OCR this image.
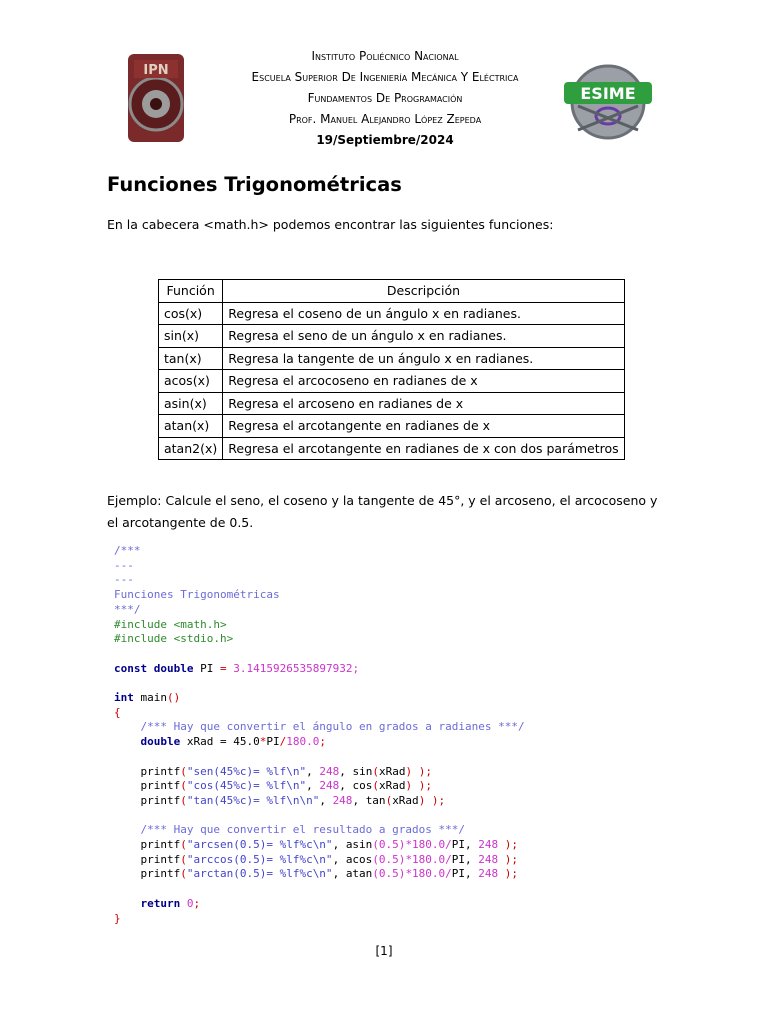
IPN
ESIME
Instituto Poliécnico Nacional
Escuela Superior De Ingeniería Mecánica Y Eléctrica
Fundamentos De Programación
Prof. Manuel Alejandro López Zepeda
19/Septiembre/2024
Funciones Trigonométricas

En la cabecera <math.h> podemos encontrar las siguientes funciones:

Función	Descripción
cos(x)	Regresa el coseno de un ángulo x en radianes.
sin(x)	Regresa el seno de un ángulo x en radianes.
tan(x)	Regresa la tangente de un ángulo x en radianes.
acos(x)	Regresa el arcocoseno en radianes de x
asin(x)	Regresa el arcoseno en radianes de x
atan(x)	Regresa el arcotangente en radianes de x
atan2(x)	Regresa el arcotangente en radianes de x con dos parámetros

Ejemplo: Calcule el seno, el coseno y la tangente de 45°, y el arcoseno, el arcocoseno y el arcotangente de 0.5.

/***
---
---
Funciones Trigonométricas
***/
#include <math.h>
#include <stdio.h>

const double PI = 3.1415926535897932;

int main()
{
/*** Hay que convertir el ángulo en grados a radianes ***/
double xRad = 45.0*PI/180.0;

printf("sen(45%c)= %lf\n", 248, sin(xRad) );
printf("cos(45%c)= %lf\n", 248, cos(xRad) );
printf("tan(45%c)= %lf\n\n", 248, tan(xRad) );

/*** Hay que convertir el resultado a grados ***/
printf("arcsen(0.5)= %lf%c\n", asin(0.5)*180.0/PI, 248 );
printf("arccos(0.5)= %lf%c\n", acos(0.5)*180.0/PI, 248 );
printf("arctan(0.5)= %lf%c\n", atan(0.5)*180.0/PI, 248 );

return 0;
}
[1]
